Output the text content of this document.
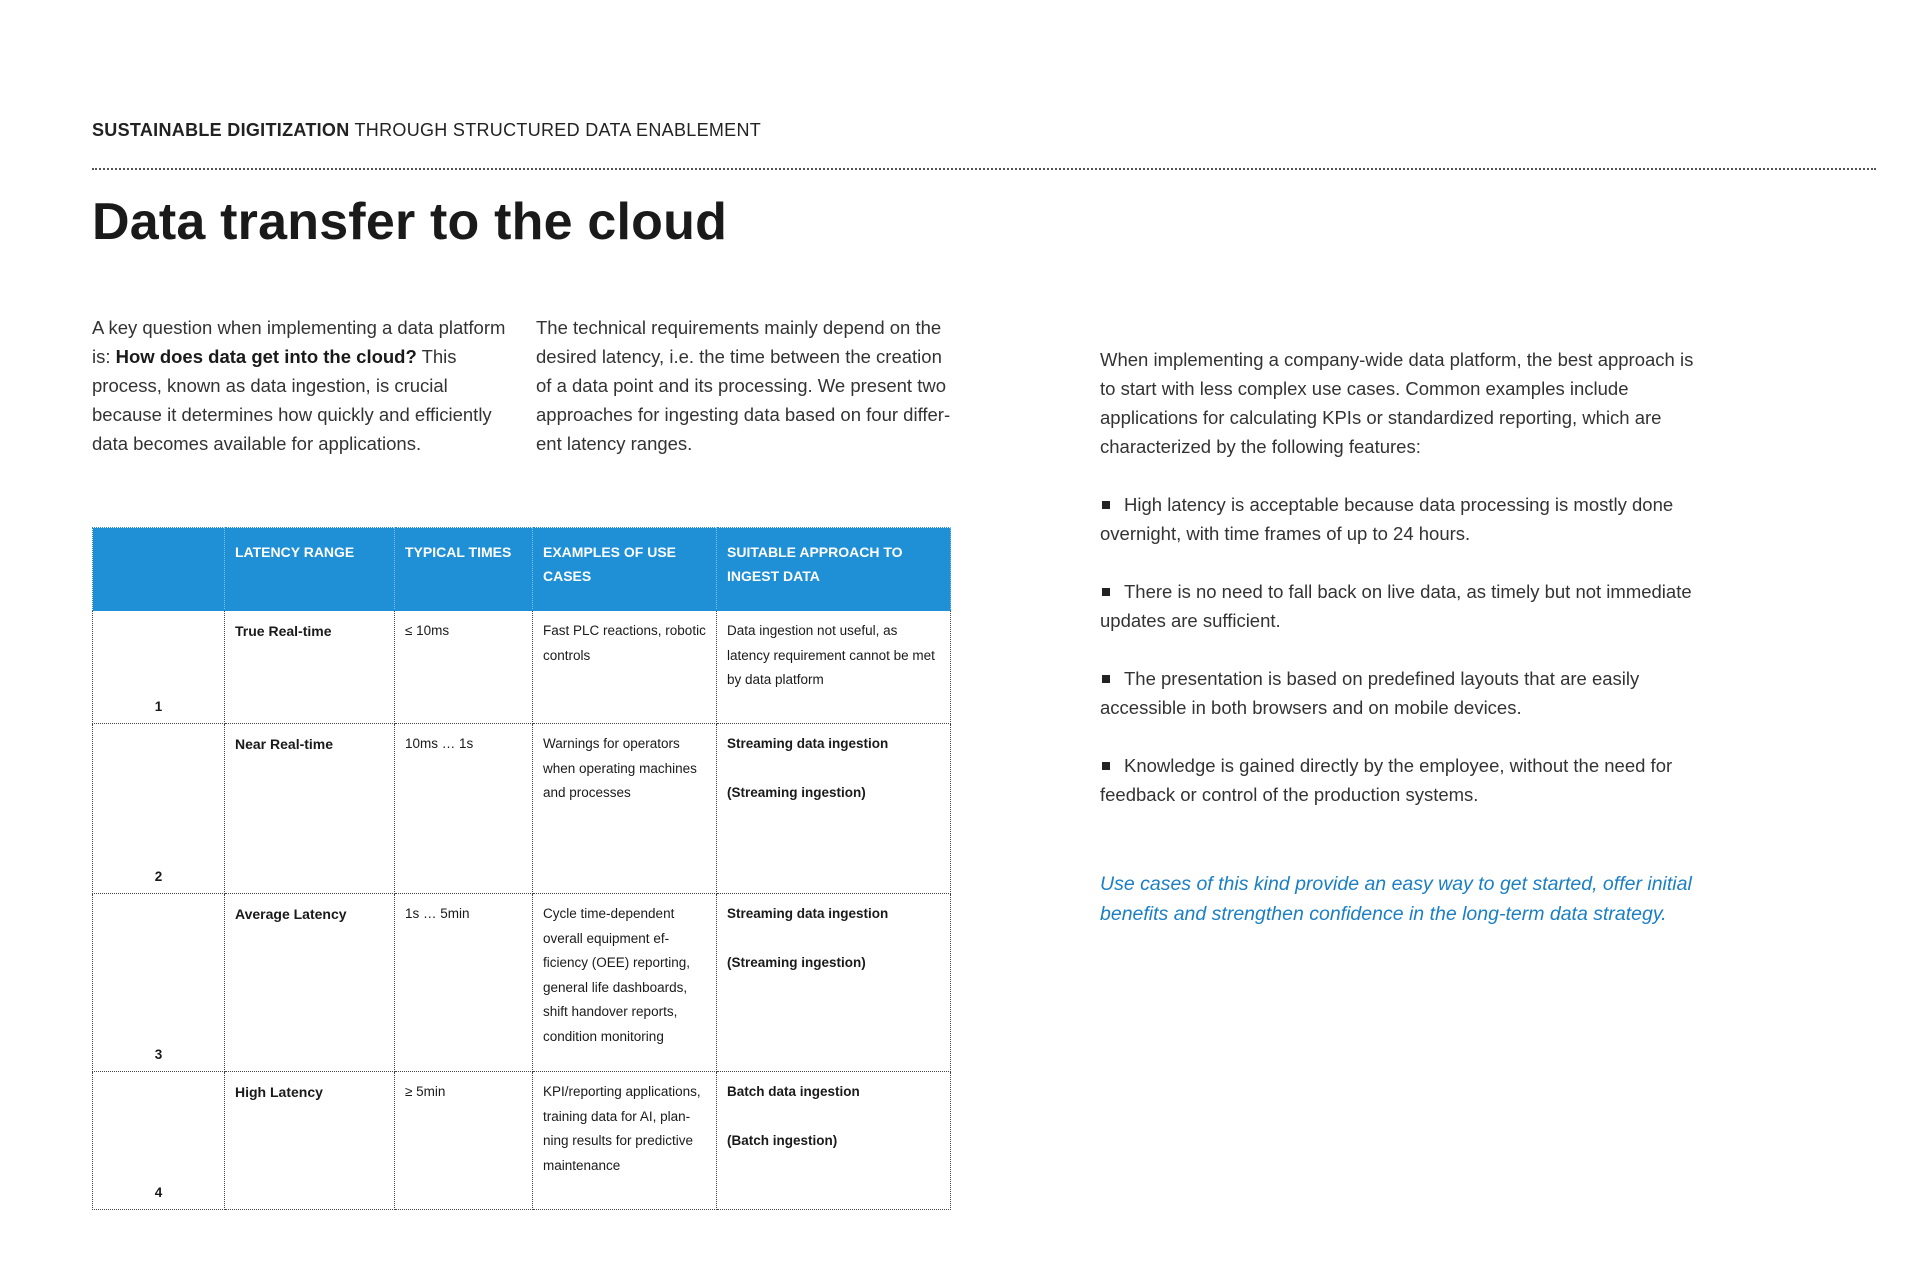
SUSTAINABLE DIGITIZATION THROUGH STRUCTURED DATA ENABLEMENT
Data transfer to the cloud
A key question when implementing a data platform is: How does data get into the cloud? This process, known as data ingestion, is crucial because it determines how quickly and efficiently data becomes available for applications.
The technical requirements mainly depend on the desired latency, i.e. the time between the creation of a data point and its processing. We present two approaches for ingesting data based on four differ-ent latency ranges.
	LATENCY RANGE	TYPICAL TIMES	EXAMPLES OF USE CASES	SUITABLE APPROACH TO INGEST DATA
1	True Real-time	≤ 10ms	Fast PLC reactions, robotic controls	Data ingestion not useful, as latency requirement cannot be met by data platform
2	Near Real-time	10ms … 1s	Warnings for operators when operating machines and processes	Streaming data ingestion
(Streaming ingestion)
3	Average Latency	1s … 5min	Cycle time-dependent overall equipment ef-ficiency (OEE) reporting, general life dashboards, shift handover reports, condition monitoring	Streaming data ingestion
(Streaming ingestion)
4	High Latency	≥ 5min	KPI/reporting applications, training data for AI, plan-ning results for predictive maintenance	Batch data ingestion
(Batch ingestion)
When implementing a company-wide data platform, the best approach is to start with less complex use cases. Common examples include applications for calculating KPIs or standardized reporting, which are characterized by the following features:
High latency is acceptable because data processing is mostly done overnight, with time frames of up to 24 hours.
There is no need to fall back on live data, as timely but not immediate updates are sufficient.
The presentation is based on predefined layouts that are easily accessible in both browsers and on mobile devices.
Knowledge is gained directly by the employee, without the need for feedback or control of the production systems.
Use cases of this kind provide an easy way to get started, offer initial benefits and strengthen confidence in the long-term data strategy.
